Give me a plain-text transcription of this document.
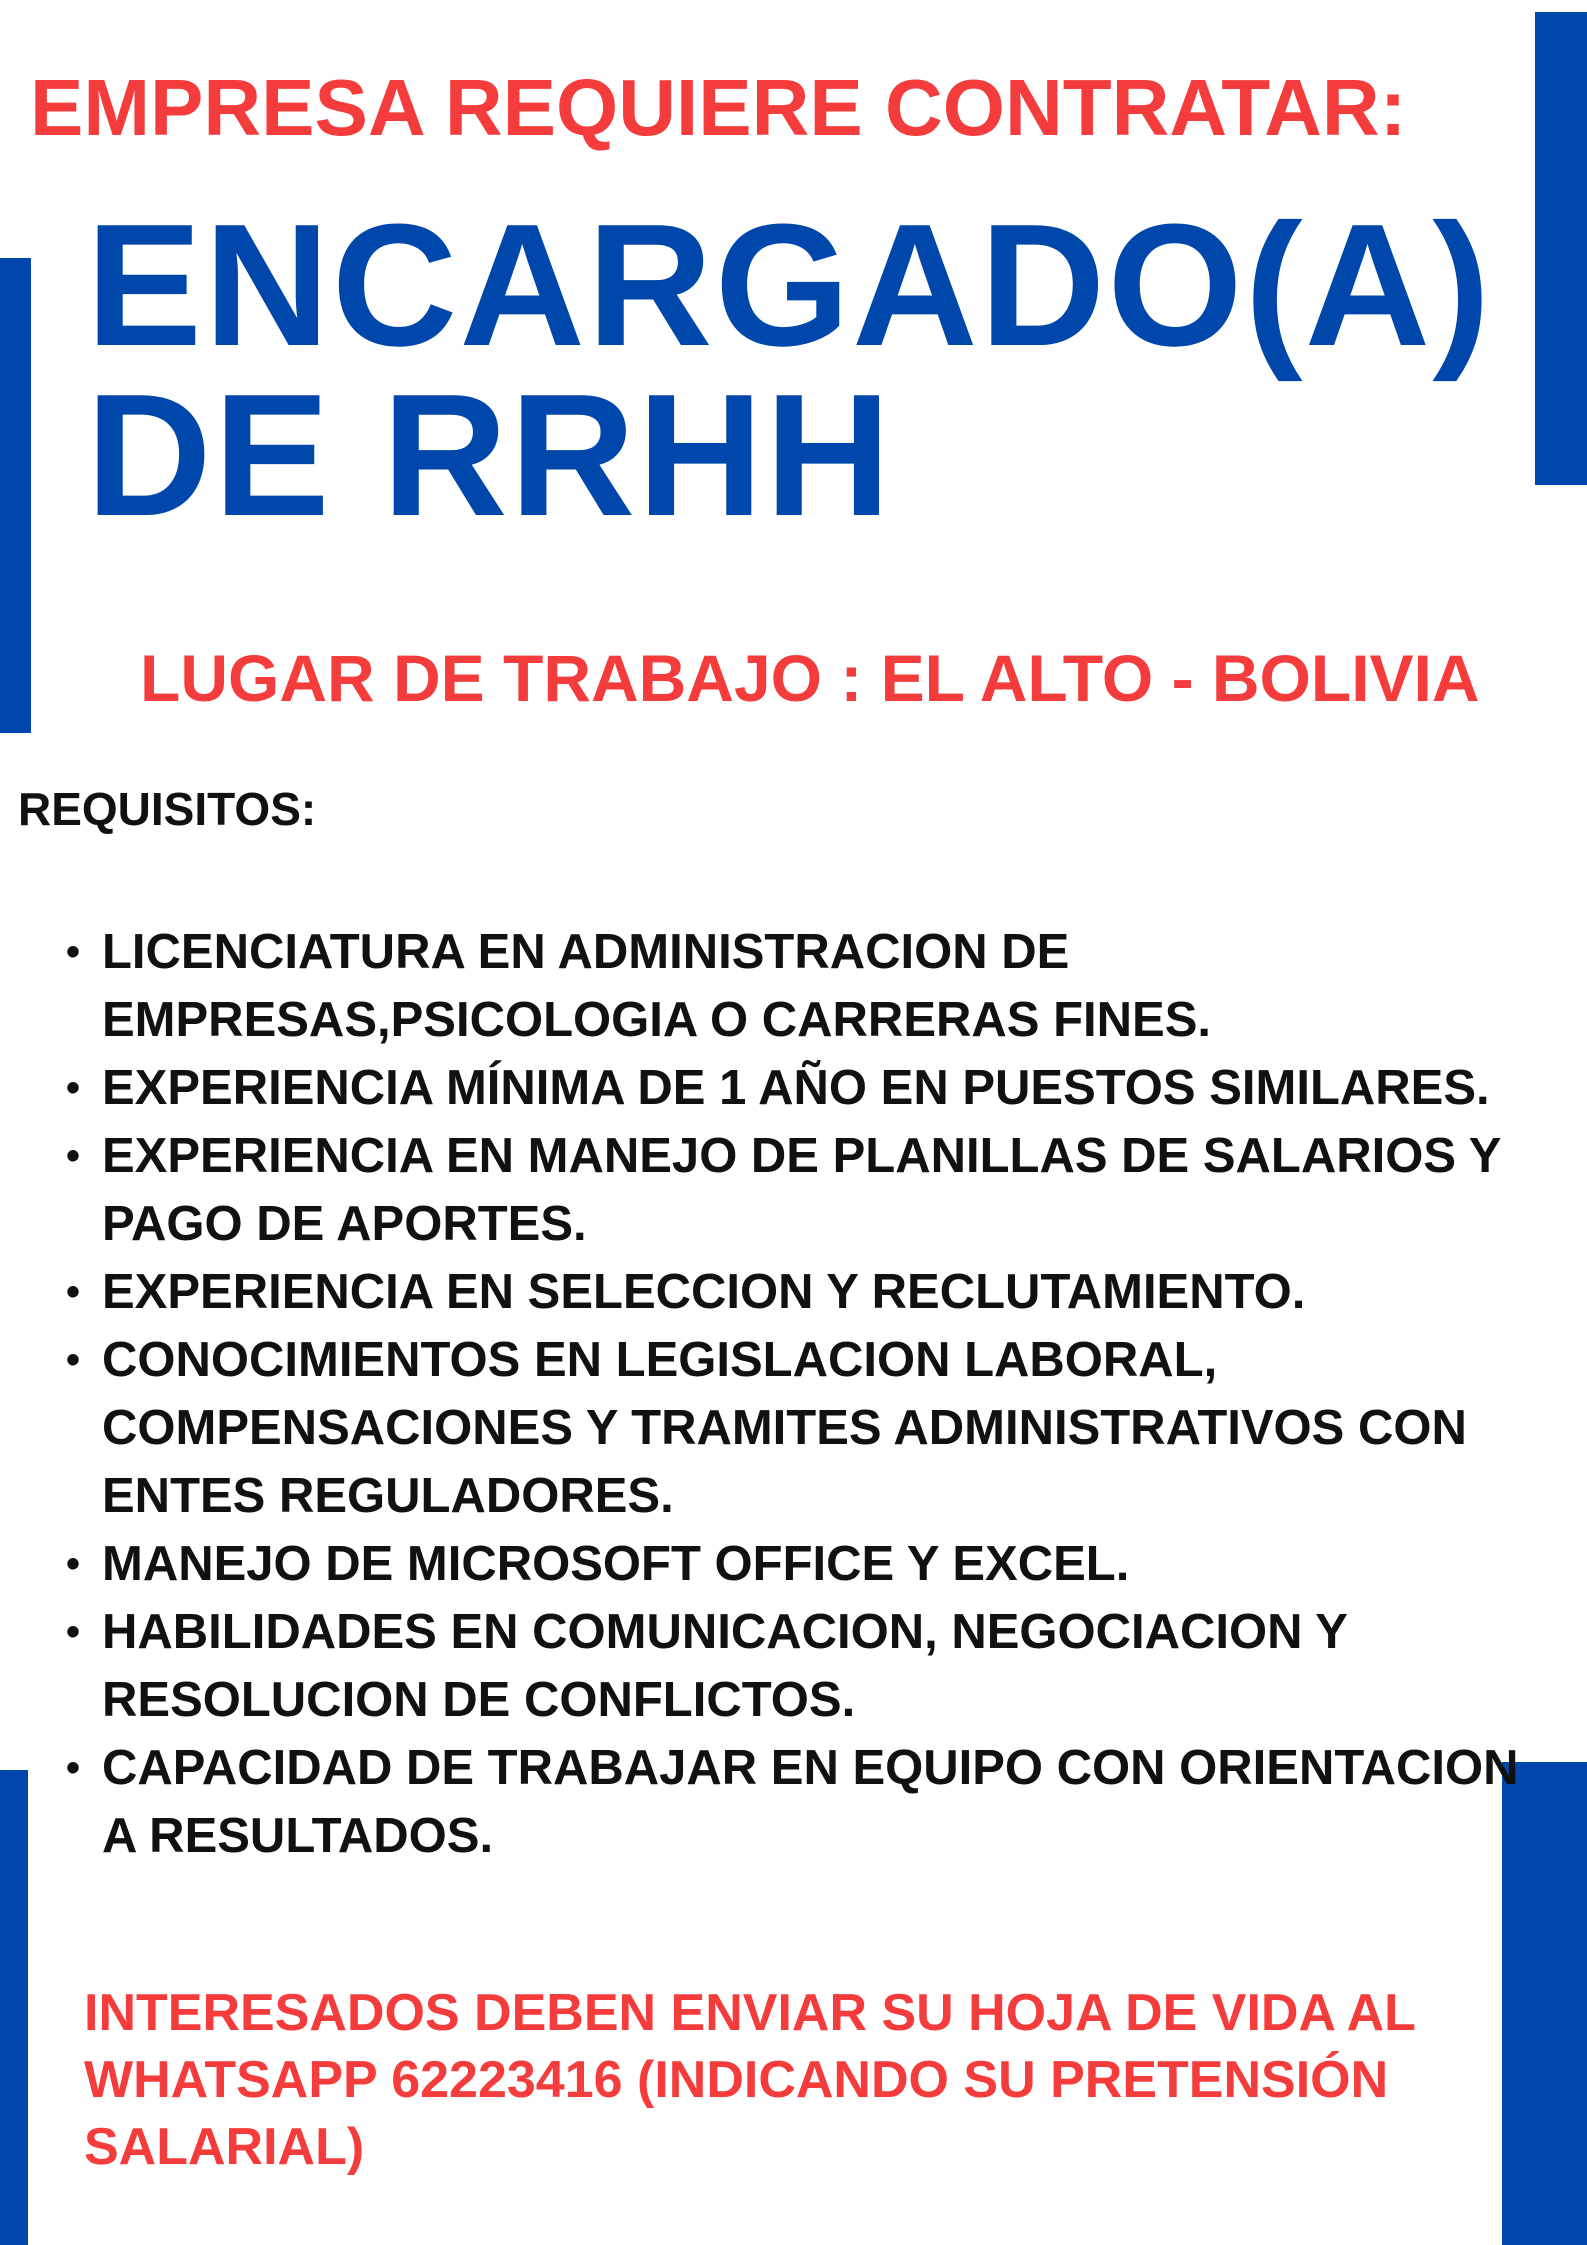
EMPRESA REQUIERE CONTRATAR:
ENCARGADO(A)
DE RRHH
LUGAR DE TRABAJO : EL ALTO - BOLIVIA
REQUISITOS:
• LICENCIATURA EN ADMINISTRACION DE EMPRESAS,PSICOLOGIA O CARRERAS FINES.
• EXPERIENCIA MÍNIMA DE 1 AÑO EN PUESTOS SIMILARES.
• EXPERIENCIA EN MANEJO DE PLANILLAS DE SALARIOS Y PAGO DE APORTES.
• EXPERIENCIA EN SELECCION Y RECLUTAMIENTO.
• CONOCIMIENTOS EN LEGISLACION LABORAL, COMPENSACIONES Y TRAMITES ADMINISTRATIVOS CON ENTES REGULADORES.
• MANEJO DE MICROSOFT OFFICE Y EXCEL.
• HABILIDADES EN COMUNICACION, NEGOCIACION Y RESOLUCION DE CONFLICTOS.
• CAPACIDAD DE TRABAJAR EN EQUIPO CON ORIENTACION A RESULTADOS.

INTERESADOS DEBEN ENVIAR SU HOJA DE VIDA AL WHATSAPP 62223416 (INDICANDO SU PRETENSIÓN SALARIAL)
